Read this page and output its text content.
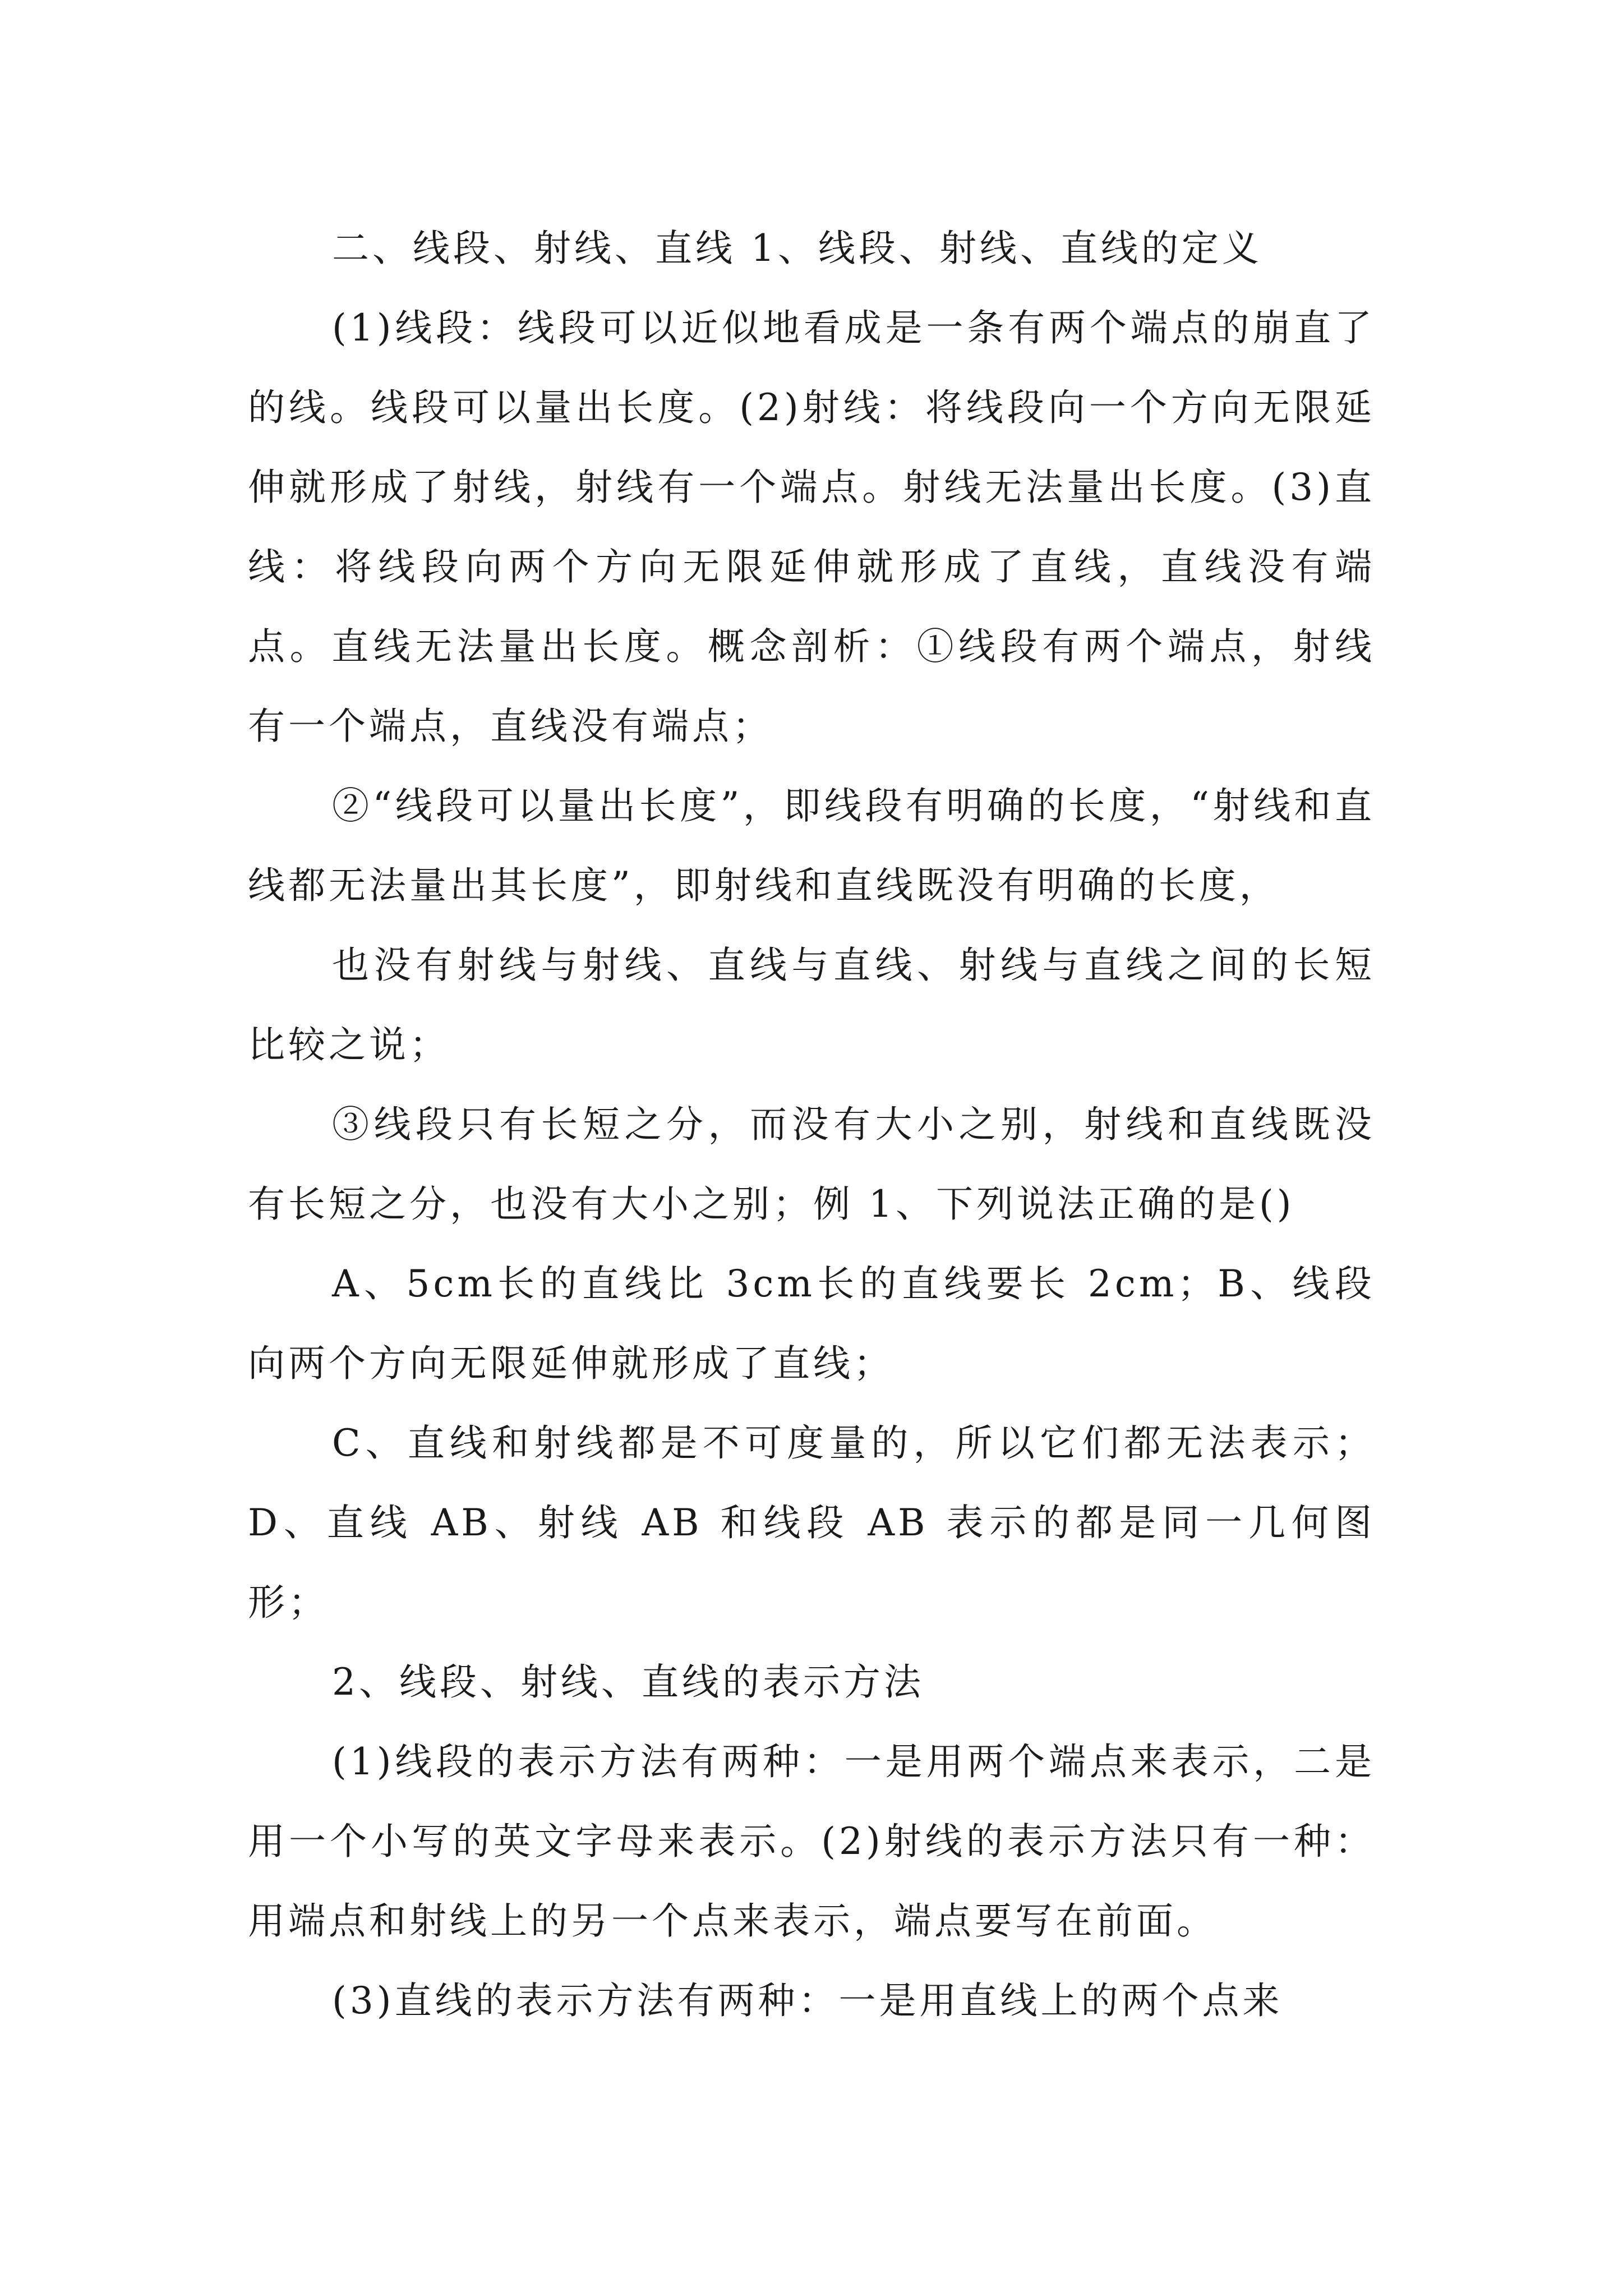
二、线段、射线、直线 1、线段、射线、直线的定义

(1)线段：线段可以近似地看成是一条有两个端点的崩直了的线。线段可以量出长度。(2)射线：将线段向一个方向无限延伸就形成了射线，射线有一个端点。射线无法量出长度。(3)直线：将线段向两个方向无限延伸就形成了直线，直线没有端点。直线无法量出长度。概念剖析：①线段有两个端点，射线有一个端点，直线没有端点；

②“线段可以量出长度”，即线段有明确的长度，“射线和直线都无法量出其长度”，即射线和直线既没有明确的长度，

也没有射线与射线、直线与直线、射线与直线之间的长短比较之说；

③线段只有长短之分，而没有大小之别，射线和直线既没有长短之分，也没有大小之别；例 1、下列说法正确的是()

A、5cm长的直线比 3cm长的直线要长 2cm；B、线段向两个方向无限延伸就形成了直线；

C、直线和射线都是不可度量的，所以它们都无法表示；D、直线 AB、射线 AB 和线段 AB 表示的都是同一几何图形；

2、线段、射线、直线的表示方法

(1)线段的表示方法有两种：一是用两个端点来表示，二是用一个小写的英文字母来表示。(2)射线的表示方法只有一种：用端点和射线上的另一个点来表示，端点要写在前面。

(3)直线的表示方法有两种：一是用直线上的两个点来
